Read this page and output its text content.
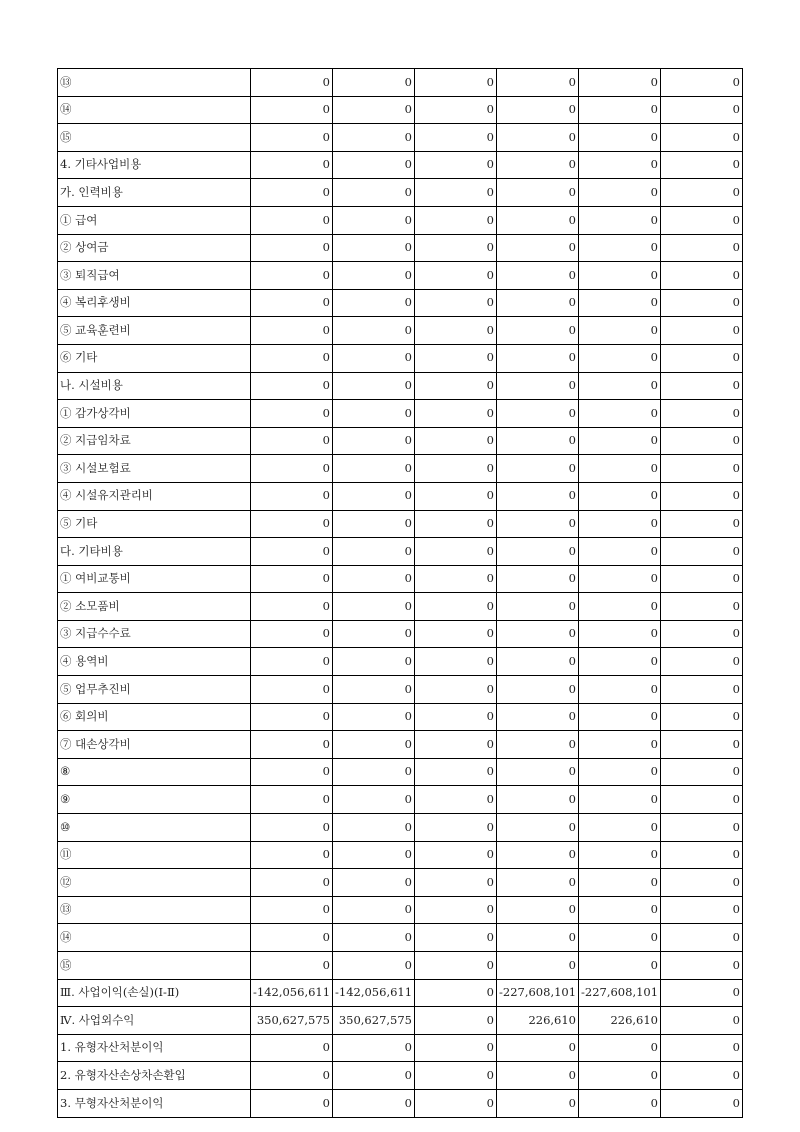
⑬	0	0	0	0	0	0
⑭	0	0	0	0	0	0
⑮	0	0	0	0	0	0
4. 기타사업비용	0	0	0	0	0	0
가. 인력비용	0	0	0	0	0	0
① 급여	0	0	0	0	0	0
② 상여금	0	0	0	0	0	0
③ 퇴직급여	0	0	0	0	0	0
④ 복리후생비	0	0	0	0	0	0
⑤ 교육훈련비	0	0	0	0	0	0
⑥ 기타	0	0	0	0	0	0
나. 시설비용	0	0	0	0	0	0
① 감가상각비	0	0	0	0	0	0
② 지급임차료	0	0	0	0	0	0
③ 시설보험료	0	0	0	0	0	0
④ 시설유지관리비	0	0	0	0	0	0
⑤ 기타	0	0	0	0	0	0
다. 기타비용	0	0	0	0	0	0
① 여비교통비	0	0	0	0	0	0
② 소모품비	0	0	0	0	0	0
③ 지급수수료	0	0	0	0	0	0
④ 용역비	0	0	0	0	0	0
⑤ 업무추진비	0	0	0	0	0	0
⑥ 회의비	0	0	0	0	0	0
⑦ 대손상각비	0	0	0	0	0	0
⑧	0	0	0	0	0	0
⑨	0	0	0	0	0	0
⑩	0	0	0	0	0	0
⑪	0	0	0	0	0	0
⑫	0	0	0	0	0	0
⑬	0	0	0	0	0	0
⑭	0	0	0	0	0	0
⑮	0	0	0	0	0	0
Ⅲ. 사업이익(손실)(Ⅰ-Ⅱ)	-142,056,611	-142,056,611	0	-227,608,101	-227,608,101	0
Ⅳ. 사업외수익	350,627,575	350,627,575	0	226,610	226,610	0
1. 유형자산처분이익	0	0	0	0	0	0
2. 유형자산손상차손환입	0	0	0	0	0	0
3. 무형자산처분이익	0	0	0	0	0	0
